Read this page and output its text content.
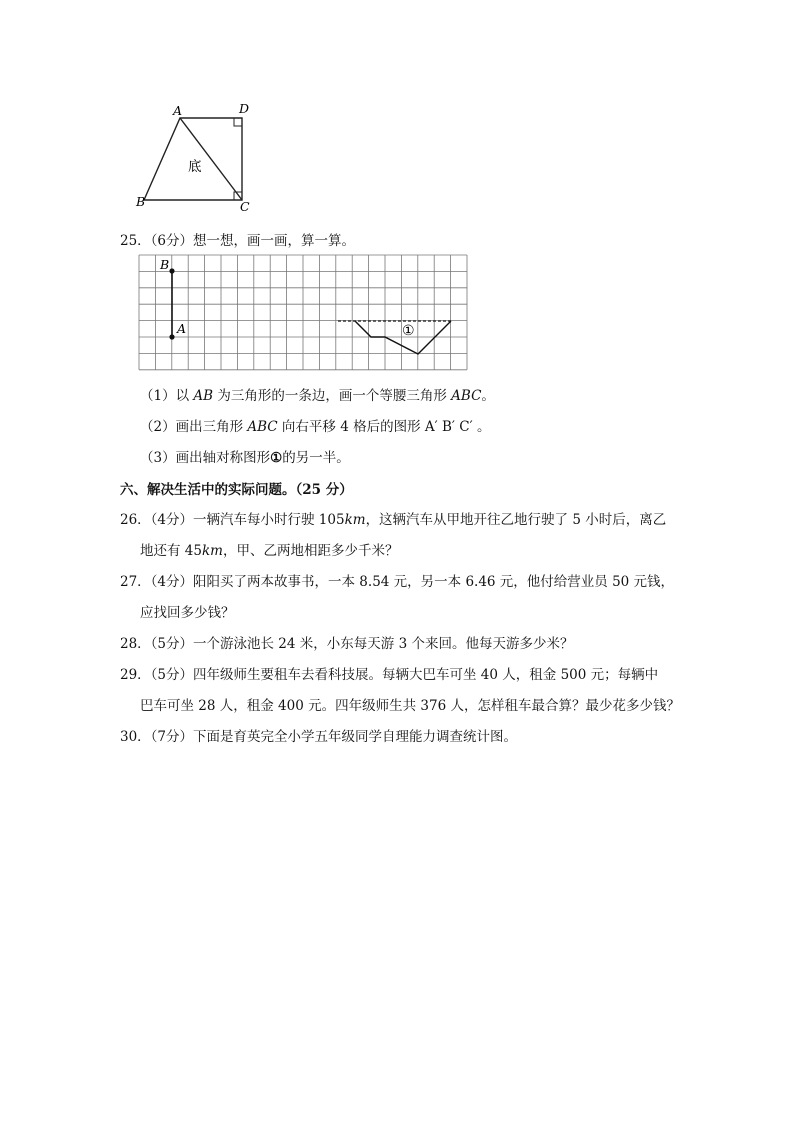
A	D
B	C
底
25．（6分）想一想，画一画，算一算。
B
A	①
（1）以 AB 为三角形的一条边，画一个等腰三角形 ABC。
（2）画出三角形 ABC 向右平移 4 格后的图形 A′ B′ C′ 。
（3）画出轴对称图形①的另一半。
六、解决生活中的实际问题。（25 分）
26．（4分）一辆汽车每小时行驶 105km，这辆汽车从甲地开往乙地行驶了 5 小时后，离乙
地还有 45km，甲、乙两地相距多少千米？
27．（4分）阳阳买了两本故事书，一本 8.54 元，另一本 6.46 元，他付给营业员 50 元钱，
应找回多少钱？
28．（5分）一个游泳池长 24 米，小东每天游 3 个来回。他每天游多少米？
29．（5分）四年级师生要租车去看科技展。每辆大巴车可坐 40 人，租金 500 元；每辆中
巴车可坐 28 人，租金 400 元。四年级师生共 376 人，怎样租车最合算？最少花多少钱？
30．（7分）下面是育英完全小学五年级同学自理能力调查统计图。
